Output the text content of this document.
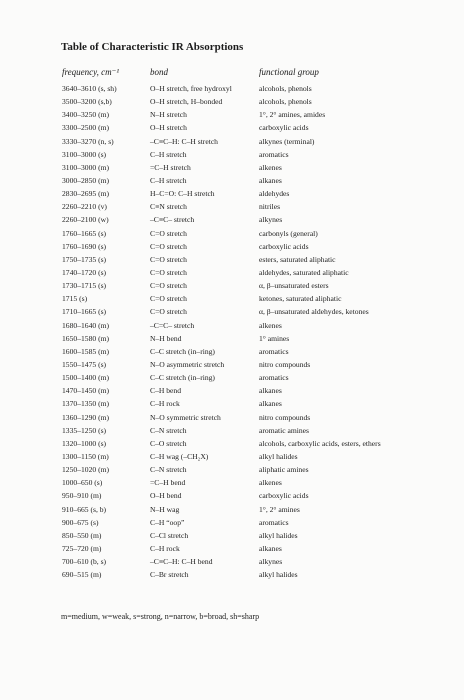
Table of Characteristic IR Absorptions
frequency, cm⁻¹	bond	functional group
3640–3610 (s, sh)	O–H stretch, free hydroxyl	alcohols, phenols
3500–3200 (s,b)	O–H stretch, H–bonded	alcohols, phenols
3400–3250 (m)	N–H stretch	1°, 2° amines, amides
3300–2500 (m)	O–H stretch	carboxylic acids
3330–3270 (n, s)	–C≡C–H: C–H stretch	alkynes (terminal)
3100–3000 (s)	C–H stretch	aromatics
3100–3000 (m)	=C–H stretch	alkenes
3000–2850 (m)	C–H stretch	alkanes
2830–2695 (m)	H–C=O: C–H stretch	aldehydes
2260–2210 (v)	C≡N stretch	nitriles
2260–2100 (w)	–C≡C– stretch	alkynes
1760–1665 (s)	C=O stretch	carbonyls (general)
1760–1690 (s)	C=O stretch	carboxylic acids
1750–1735 (s)	C=O stretch	esters, saturated aliphatic
1740–1720 (s)	C=O stretch	aldehydes, saturated aliphatic
1730–1715 (s)	C=O stretch	α, β–unsaturated esters
1715 (s)	C=O stretch	ketones, saturated aliphatic
1710–1665 (s)	C=O stretch	α, β–unsaturated aldehydes, ketones
1680–1640 (m)	–C=C– stretch	alkenes
1650–1580 (m)	N–H bend	1° amines
1600–1585 (m)	C–C stretch (in–ring)	aromatics
1550–1475 (s)	N–O asymmetric stretch	nitro compounds
1500–1400 (m)	C–C stretch (in–ring)	aromatics
1470–1450 (m)	C–H bend	alkanes
1370–1350 (m)	C–H rock	alkanes
1360–1290 (m)	N–O symmetric stretch	nitro compounds
1335–1250 (s)	C–N stretch	aromatic amines
1320–1000 (s)	C–O stretch	alcohols, carboxylic acids, esters, ethers
1300–1150 (m)	C–H wag (–CH₂X)	alkyl halides
1250–1020 (m)	C–N stretch	aliphatic amines
1000–650 (s)	=C–H bend	alkenes
950–910 (m)	O–H bend	carboxylic acids
910–665 (s, b)	N–H wag	1°, 2° amines
900–675 (s)	C–H “oop”	aromatics
850–550 (m)	C–Cl stretch	alkyl halides
725–720 (m)	C–H rock	alkanes
700–610 (b, s)	–C≡C–H: C–H bend	alkynes
690–515 (m)	C–Br stretch	alkyl halides
m=medium, w=weak, s=strong, n=narrow, b=broad, sh=sharp
